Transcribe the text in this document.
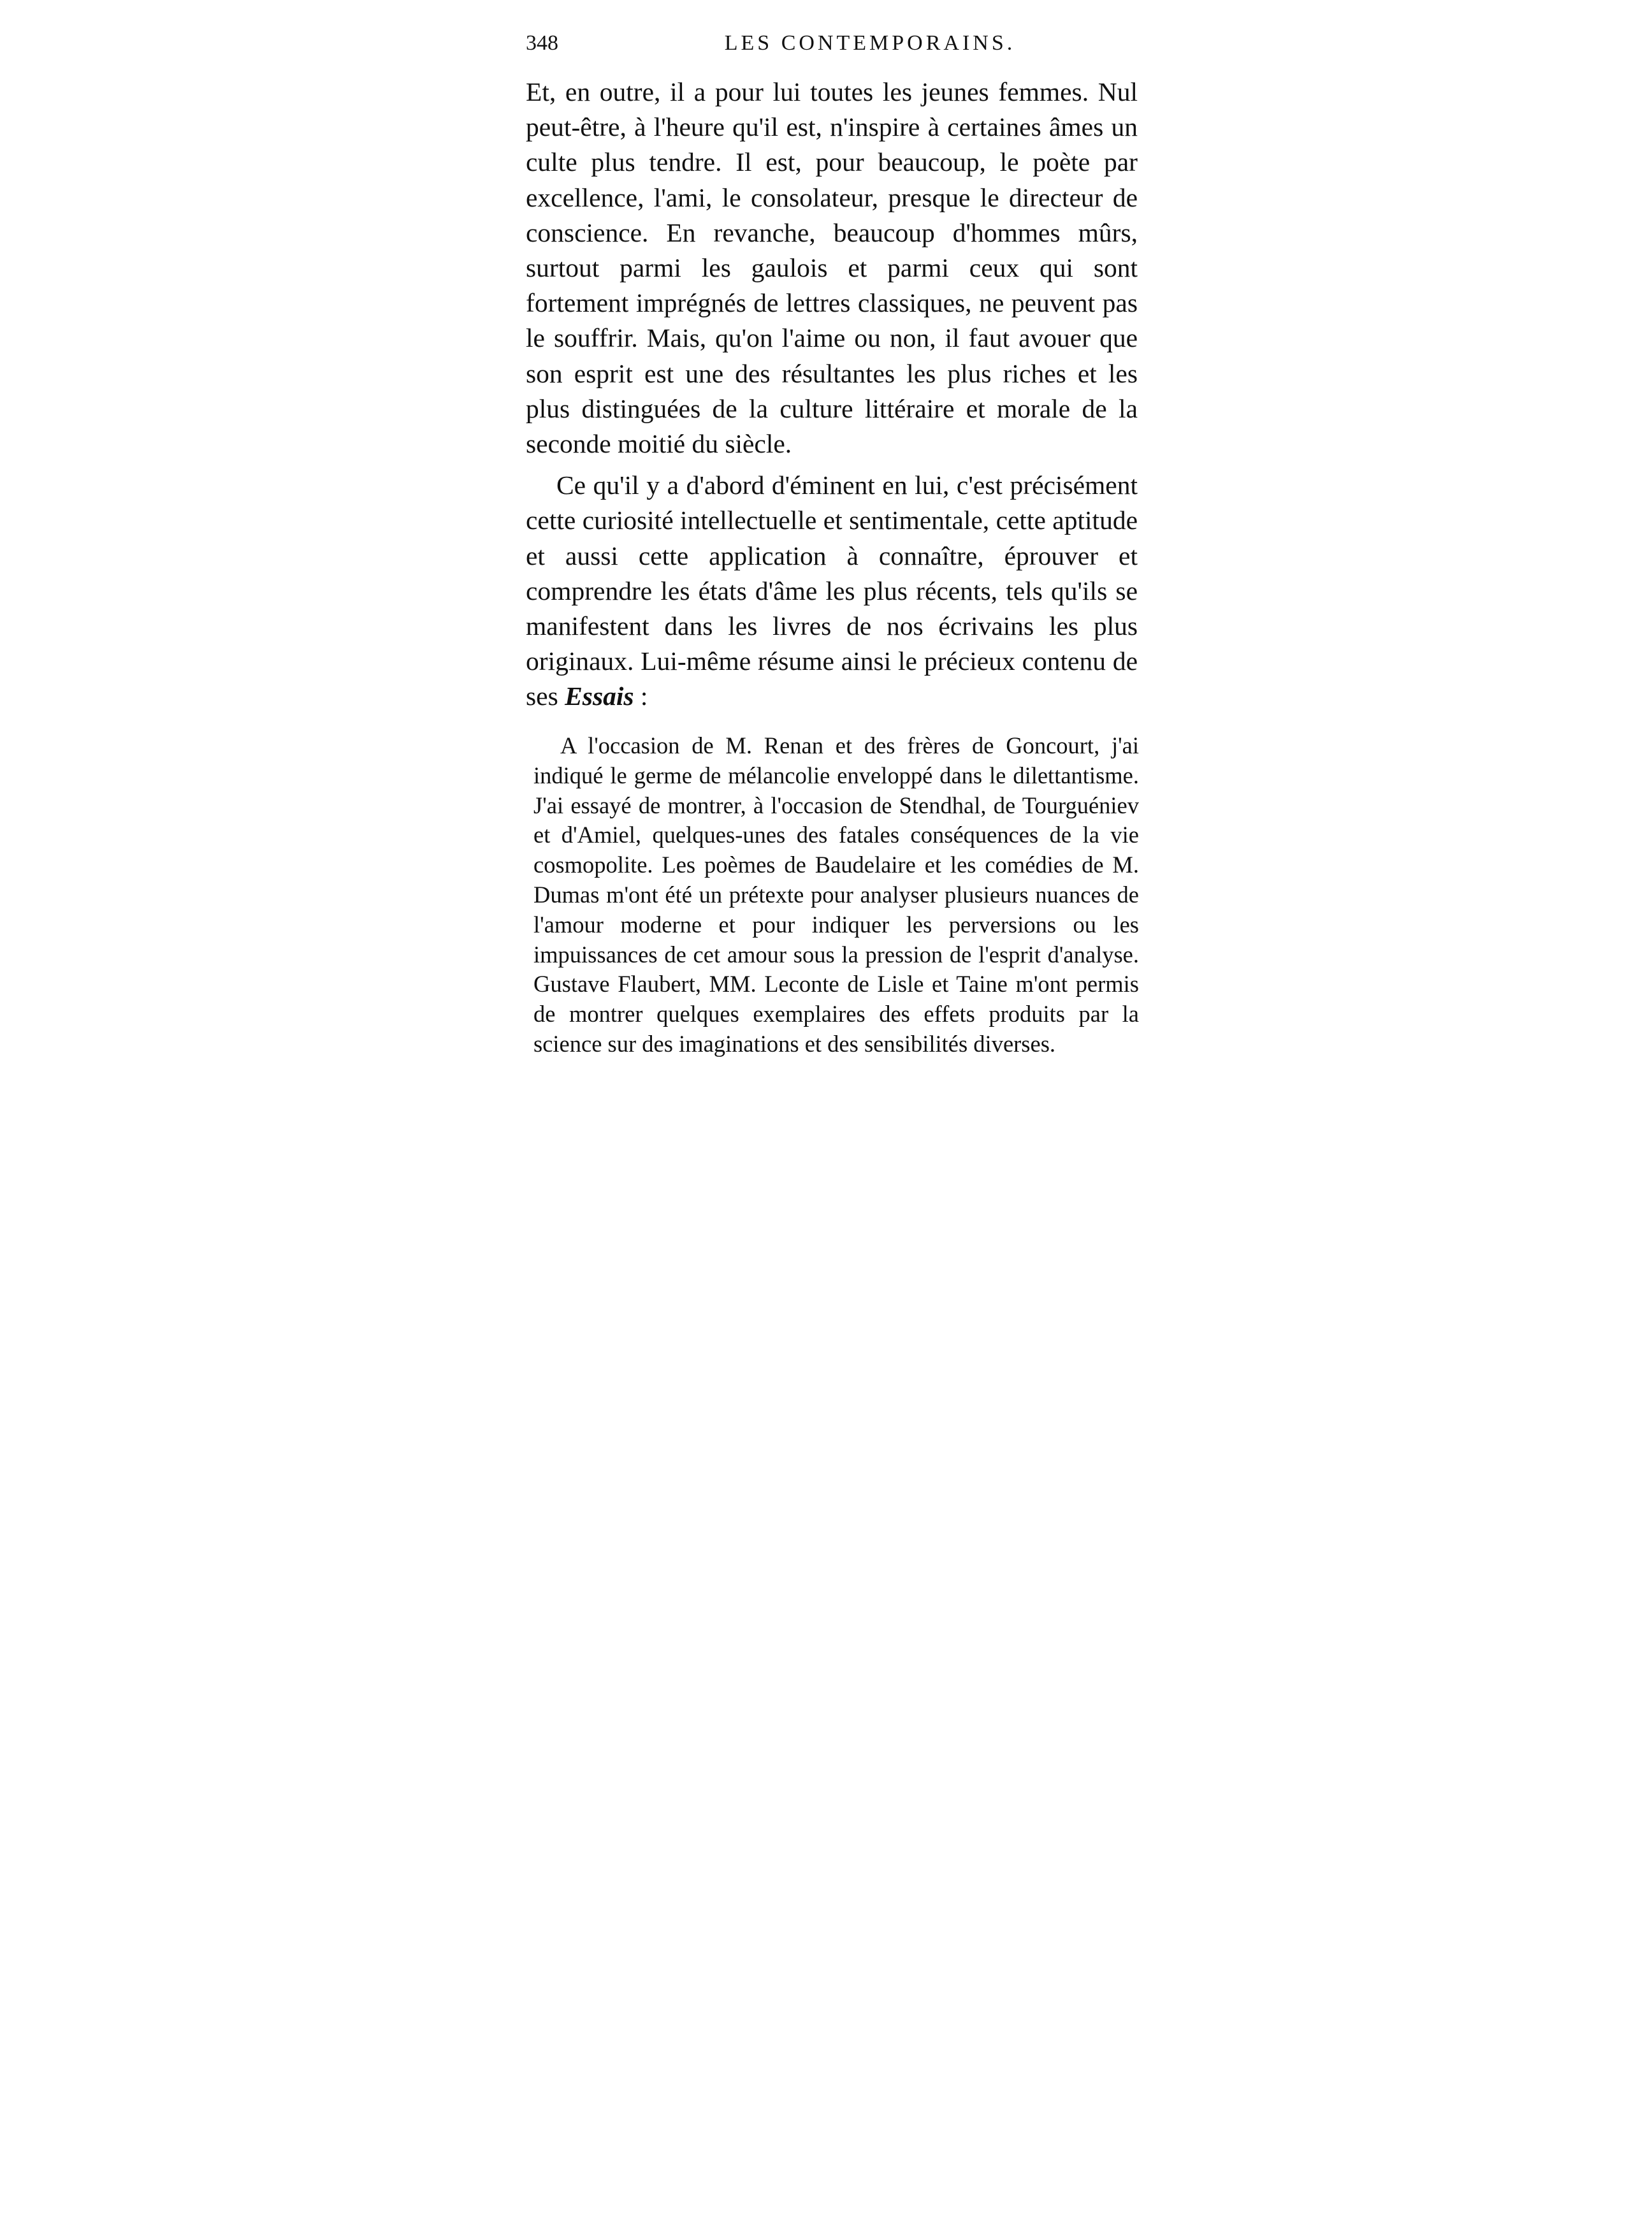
348	LES CONTEMPORAINS.

Et, en outre, il a pour lui toutes les jeunes femmes. Nul peut-être, à l'heure qu'il est, n'inspire à certaines âmes un culte plus tendre. Il est, pour beaucoup, le poète par excellence, l'ami, le consolateur, presque le directeur de conscience. En revanche, beaucoup d'hommes mûrs, surtout parmi les gaulois et parmi ceux qui sont fortement imprégnés de lettres classiques, ne peuvent pas le souffrir. Mais, qu'on l'aime ou non, il faut avouer que son esprit est une des résultantes les plus riches et les plus distinguées de la culture littéraire et morale de la seconde moitié du siècle.

Ce qu'il y a d'abord d'éminent en lui, c'est précisément cette curiosité intellectuelle et sentimentale, cette aptitude et aussi cette application à connaître, éprouver et comprendre les états d'âme les plus récents, tels qu'ils se manifestent dans les livres de nos écrivains les plus originaux. Lui-même résume ainsi le précieux contenu de ses Essais :

A l'occasion de M. Renan et des frères de Goncourt, j'ai indiqué le germe de mélancolie enveloppé dans le dilettantisme. J'ai essayé de montrer, à l'occasion de Stendhal, de Tourguéniev et d'Amiel, quelques-unes des fatales conséquences de la vie cosmopolite. Les poèmes de Baudelaire et les comédies de M. Dumas m'ont été un prétexte pour analyser plusieurs nuances de l'amour moderne et pour indiquer les perversions ou les impuissances de cet amour sous la pression de l'esprit d'analyse. Gustave Flaubert, MM. Leconte de Lisle et Taine m'ont permis de montrer quelques exemplaires des effets produits par la science sur des imaginations et des sensibilités diverses.
